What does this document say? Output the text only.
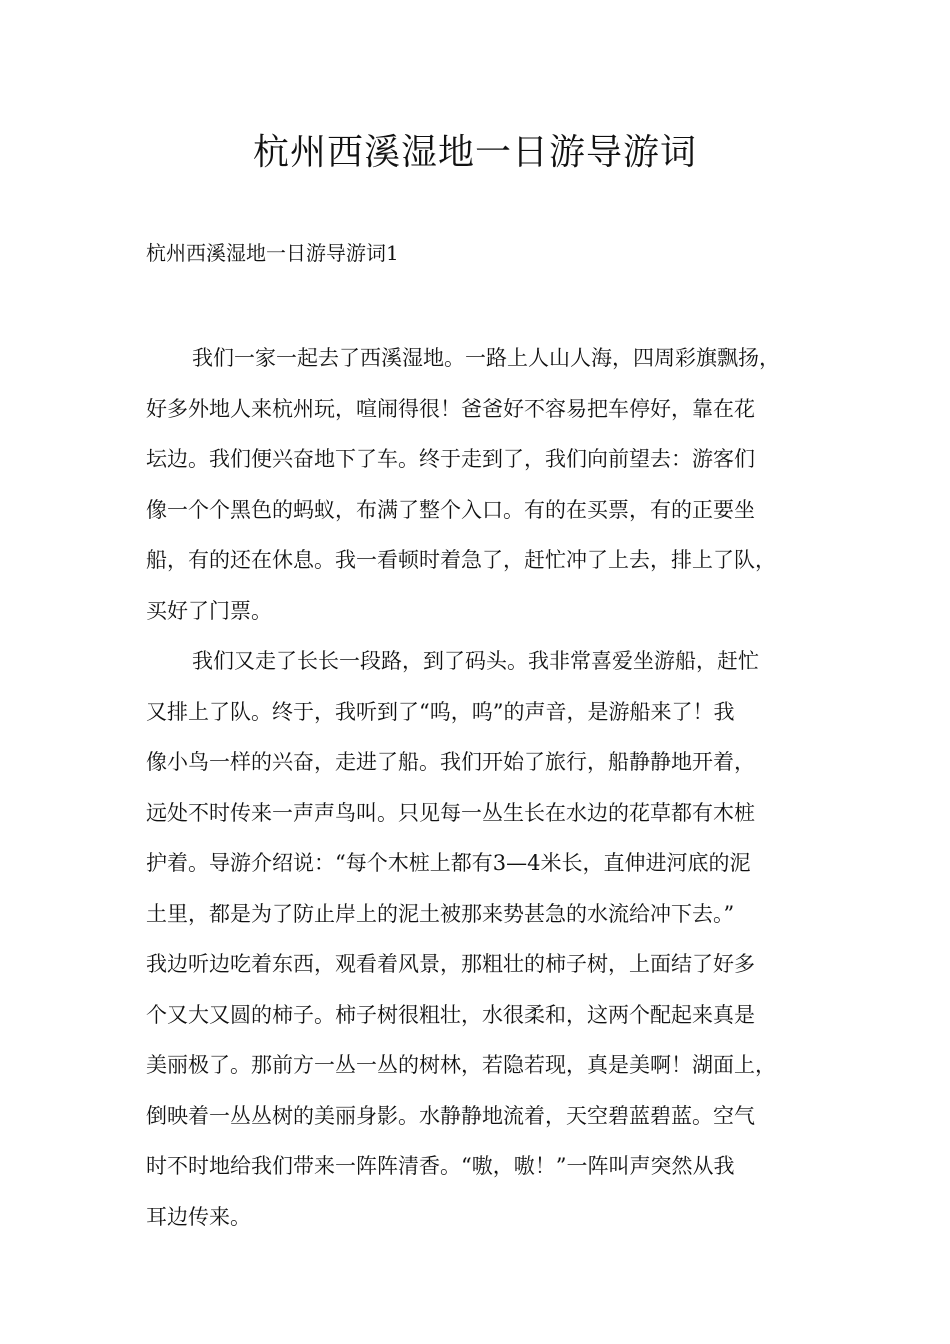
杭州西溪湿地一日游导游词

杭州西溪湿地一日游导游词1

我们一家一起去了西溪湿地。一路上人山人海，四周彩旗飘扬，
好多外地人来杭州玩，喧闹得很！爸爸好不容易把车停好，靠在花
坛边。我们便兴奋地下了车。终于走到了，我们向前望去：游客们
像一个个黑色的蚂蚁，布满了整个入口。有的在买票，有的正要坐
船，有的还在休息。我一看顿时着急了，赶忙冲了上去，排上了队，
买好了门票。
我们又走了长长一段路，到了码头。我非常喜爱坐游船，赶忙
又排上了队。终于，我听到了“呜，呜”的声音，是游船来了！我
像小鸟一样的兴奋，走进了船。我们开始了旅行，船静静地开着，
远处不时传来一声声鸟叫。只见每一丛生长在水边的花草都有木桩
护着。导游介绍说：“每个木桩上都有3—4米长，直伸进河底的泥
土里，都是为了防止岸上的泥土被那来势甚急的水流给冲下去。”
我边听边吃着东西，观看着风景，那粗壮的柿子树，上面结了好多
个又大又圆的柿子。柿子树很粗壮，水很柔和，这两个配起来真是
美丽极了。那前方一丛一丛的树林，若隐若现，真是美啊！湖面上，
倒映着一丛丛树的美丽身影。水静静地流着，天空碧蓝碧蓝。空气
时不时地给我们带来一阵阵清香。“嗷，嗷！”一阵叫声突然从我
耳边传来。
